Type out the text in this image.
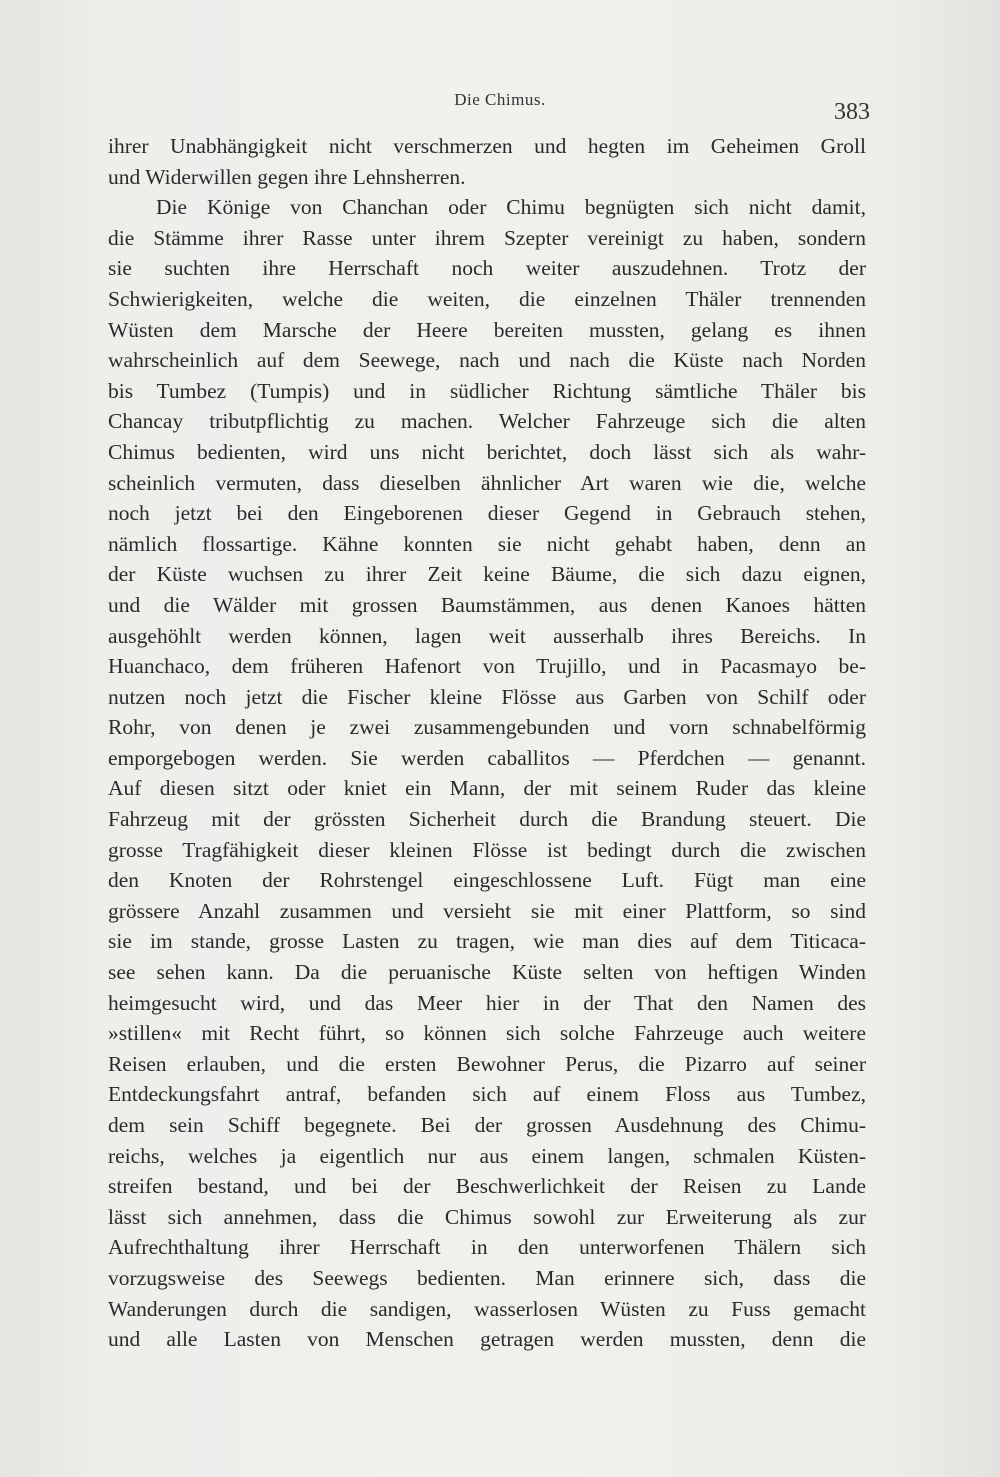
Die Chimus.	383
ihrer Unabhängigkeit nicht verschmerzen und hegten im Geheimen Groll
und Widerwillen gegen ihre Lehnsherren.
Die Könige von Chanchan oder Chimu begnügten sich nicht damit,
die Stämme ihrer Rasse unter ihrem Szepter vereinigt zu haben, sondern
sie suchten ihre Herrschaft noch weiter auszudehnen. Trotz der
Schwierigkeiten, welche die weiten, die einzelnen Thäler trennenden
Wüsten dem Marsche der Heere bereiten mussten, gelang es ihnen
wahrscheinlich auf dem Seewege, nach und nach die Küste nach Norden
bis Tumbez (Tumpis) und in südlicher Richtung sämtliche Thäler bis
Chancay tributpflichtig zu machen. Welcher Fahrzeuge sich die alten
Chimus bedienten, wird uns nicht berichtet, doch lässt sich als wahr-
scheinlich vermuten, dass dieselben ähnlicher Art waren wie die, welche
noch jetzt bei den Eingeborenen dieser Gegend in Gebrauch stehen,
nämlich flossartige. Kähne konnten sie nicht gehabt haben, denn an
der Küste wuchsen zu ihrer Zeit keine Bäume, die sich dazu eignen,
und die Wälder mit grossen Baumstämmen, aus denen Kanoes hätten
ausgehöhlt werden können, lagen weit ausserhalb ihres Bereichs. In
Huanchaco, dem früheren Hafenort von Trujillo, und in Pacasmayo be-
nutzen noch jetzt die Fischer kleine Flösse aus Garben von Schilf oder
Rohr, von denen je zwei zusammengebunden und vorn schnabelförmig
emporgebogen werden. Sie werden caballitos — Pferdchen — genannt.
Auf diesen sitzt oder kniet ein Mann, der mit seinem Ruder das kleine
Fahrzeug mit der grössten Sicherheit durch die Brandung steuert. Die
grosse Tragfähigkeit dieser kleinen Flösse ist bedingt durch die zwischen
den Knoten der Rohrstengel eingeschlossene Luft. Fügt man eine
grössere Anzahl zusammen und versieht sie mit einer Plattform, so sind
sie im stande, grosse Lasten zu tragen, wie man dies auf dem Titicaca-
see sehen kann. Da die peruanische Küste selten von heftigen Winden
heimgesucht wird, und das Meer hier in der That den Namen des
»stillen« mit Recht führt, so können sich solche Fahrzeuge auch weitere
Reisen erlauben, und die ersten Bewohner Perus, die Pizarro auf seiner
Entdeckungsfahrt antraf, befanden sich auf einem Floss aus Tumbez,
dem sein Schiff begegnete. Bei der grossen Ausdehnung des Chimu-
reichs, welches ja eigentlich nur aus einem langen, schmalen Küsten-
streifen bestand, und bei der Beschwerlichkeit der Reisen zu Lande
lässt sich annehmen, dass die Chimus sowohl zur Erweiterung als zur
Aufrechthaltung ihrer Herrschaft in den unterworfenen Thälern sich
vorzugsweise des Seewegs bedienten. Man erinnere sich, dass die
Wanderungen durch die sandigen, wasserlosen Wüsten zu Fuss gemacht
und alle Lasten von Menschen getragen werden mussten, denn die
